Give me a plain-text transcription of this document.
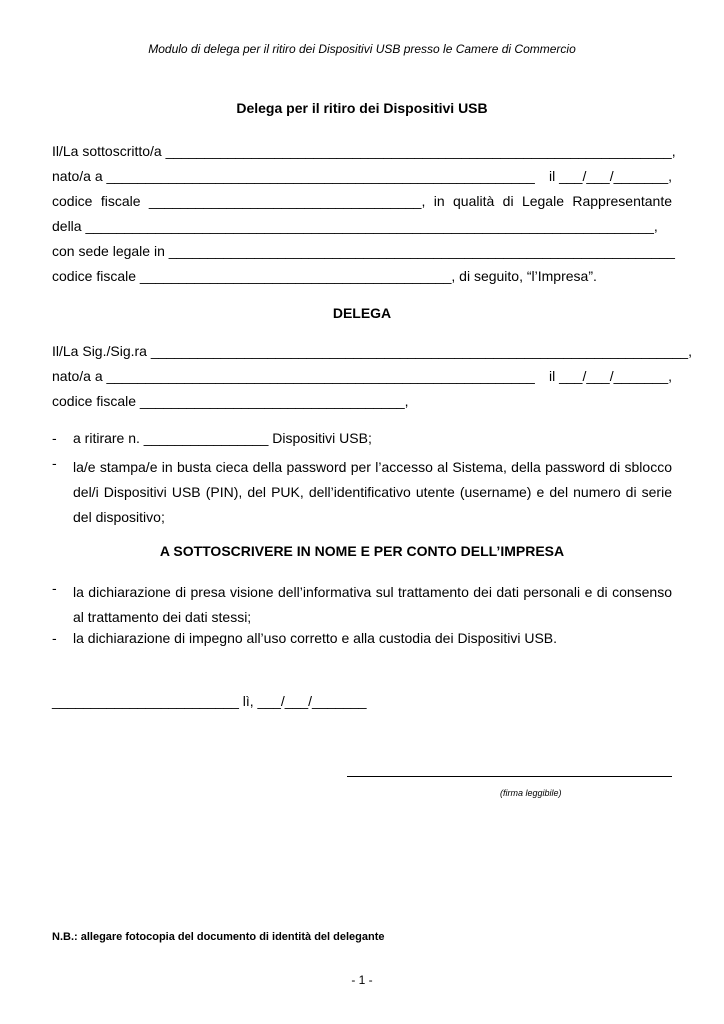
Modulo di delega per il ritiro dei Dispositivi USB presso le Camere di Commercio
Delega per il ritiro dei Dispositivi USB
Il/La sottoscritto/a _________________________________________________________________,
nato/a a _______________________________________________________ il ___/___/_______,
codice fiscale ___________________________________, in qualità di Legale Rappresentante
della _________________________________________________________________________,
con sede legale in _________________________________________________________________
codice fiscale ________________________________________, di seguito, “l’Impresa”.
DELEGA
Il/La Sig./Sig.ra _____________________________________________________________________,
nato/a a _______________________________________________________ il ___/___/_______,
codice fiscale __________________________________,
- a ritirare n. ________________ Dispositivi USB;
- la/e stampa/e in busta cieca della password per l’accesso al Sistema, della password di sblocco del/i Dispositivi USB (PIN), del PUK, dell’identificativo utente (username) e del numero di serie del dispositivo;
A SOTTOSCRIVERE IN NOME E PER CONTO DELL’IMPRESA
- la dichiarazione di presa visione dell’informativa sul trattamento dei dati personali e di consenso al trattamento dei dati stessi;
- la dichiarazione di impegno all’uso corretto e alla custodia dei Dispositivi USB.
________________________ lì, ___/___/_______
(firma leggibile)
N.B.: allegare fotocopia del documento di identità del delegante
- 1 -
